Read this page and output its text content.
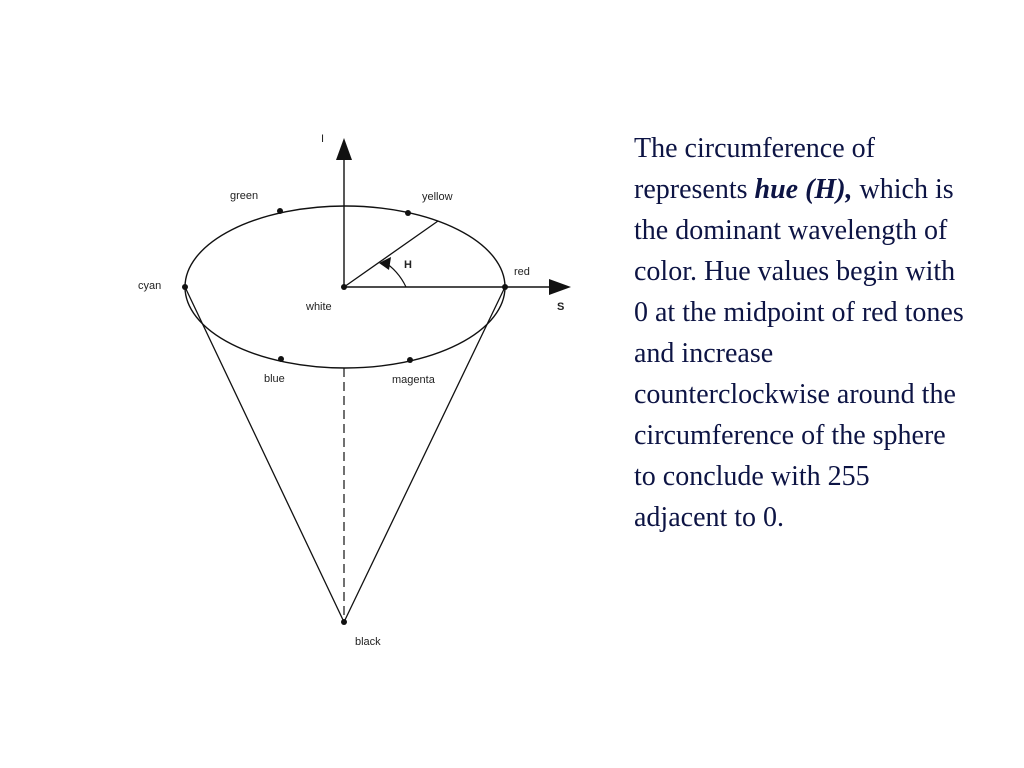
I
S
H
green	yellow
cyan
white
red
blue	magenta
black
The circumference of represents hue (H), which is the dominant wavelength of color. Hue values begin with 0 at the midpoint of red tones and increase counterclockwise around the circumference of the sphere to conclude with 255 adjacent to 0.
